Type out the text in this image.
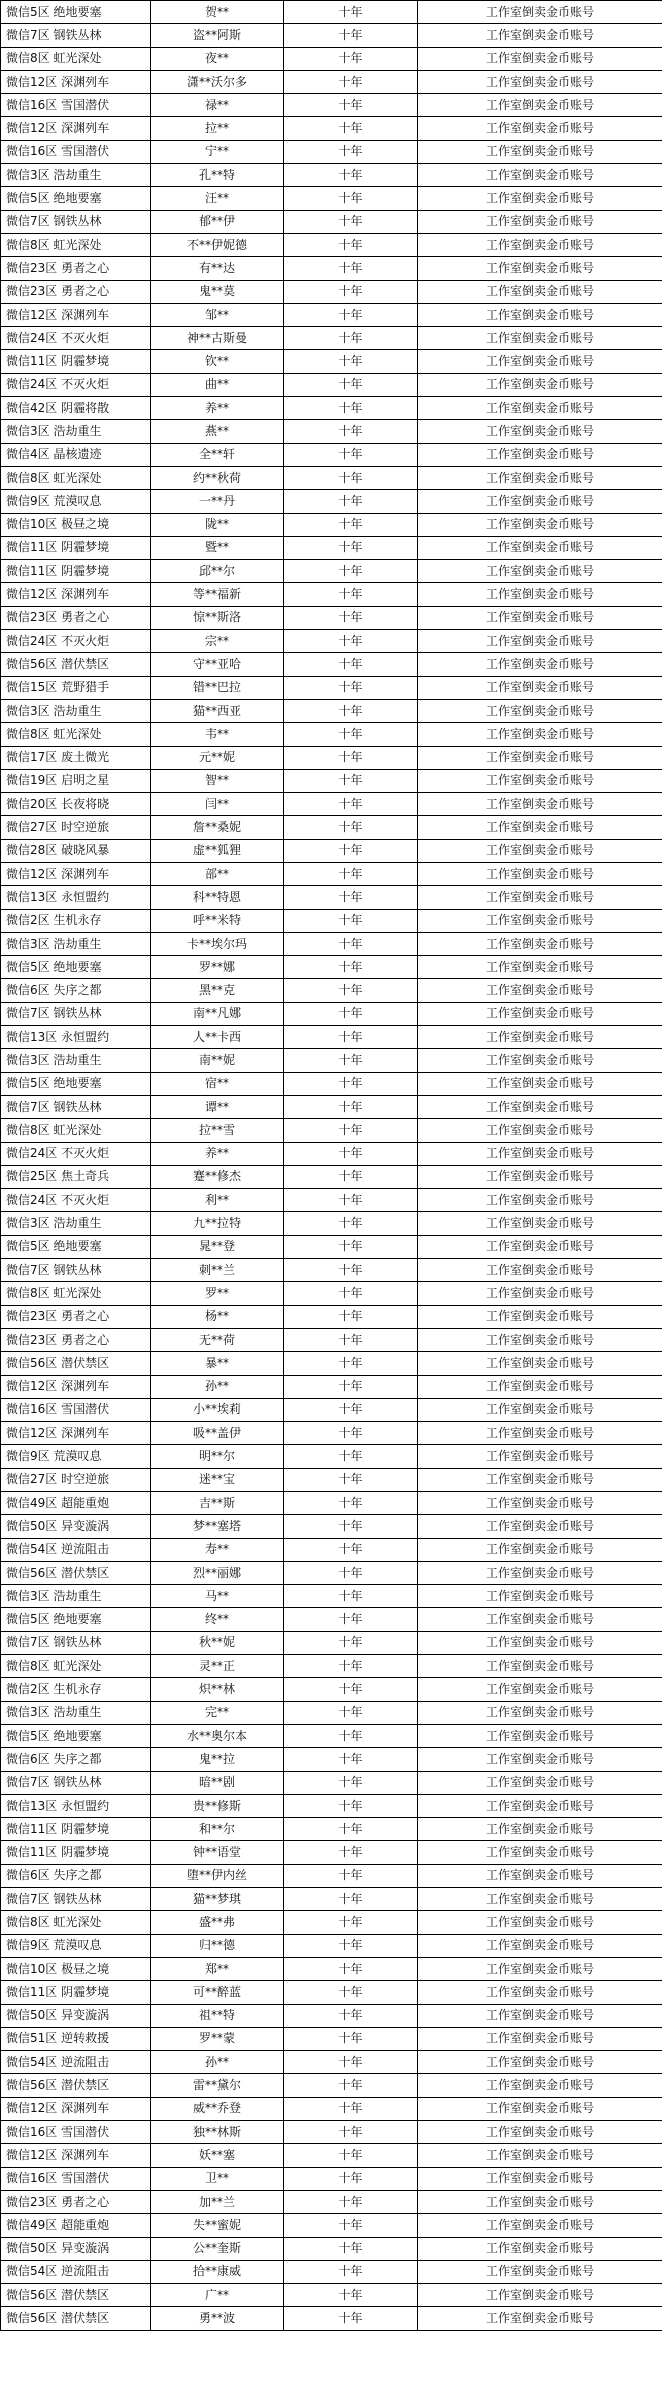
微信5区 绝地要塞	贺**	十年	工作室倒卖金币账号
微信7区 钢铁丛林	盗**阿斯	十年	工作室倒卖金币账号
微信8区 虹光深处	夜**	十年	工作室倒卖金币账号
微信12区 深渊列车	潇**沃尔多	十年	工作室倒卖金币账号
微信16区 雪国潜伏	禄**	十年	工作室倒卖金币账号
微信12区 深渊列车	拉**	十年	工作室倒卖金币账号
微信16区 雪国潜伏	宁**	十年	工作室倒卖金币账号
微信3区 浩劫重生	孔**特	十年	工作室倒卖金币账号
微信5区 绝地要塞	汪**	十年	工作室倒卖金币账号
微信7区 钢铁丛林	郁**伊	十年	工作室倒卖金币账号
微信8区 虹光深处	不**伊妮德	十年	工作室倒卖金币账号
微信23区 勇者之心	有**达	十年	工作室倒卖金币账号
微信23区 勇者之心	鬼**莫	十年	工作室倒卖金币账号
微信12区 深渊列车	邹**	十年	工作室倒卖金币账号
微信24区 不灭火炬	神**古斯曼	十年	工作室倒卖金币账号
微信11区 阴霾梦境	钦**	十年	工作室倒卖金币账号
微信24区 不灭火炬	曲**	十年	工作室倒卖金币账号
微信42区 阴霾将散	养**	十年	工作室倒卖金币账号
微信3区 浩劫重生	燕**	十年	工作室倒卖金币账号
微信4区 晶核遗迹	全**轩	十年	工作室倒卖金币账号
微信8区 虹光深处	约**秋荷	十年	工作室倒卖金币账号
微信9区 荒漠叹息	一**丹	十年	工作室倒卖金币账号
微信10区 极昼之境	陇**	十年	工作室倒卖金币账号
微信11区 阴霾梦境	暨**	十年	工作室倒卖金币账号
微信11区 阴霾梦境	邱**尔	十年	工作室倒卖金币账号
微信12区 深渊列车	等**福新	十年	工作室倒卖金币账号
微信23区 勇者之心	惊**斯洛	十年	工作室倒卖金币账号
微信24区 不灭火炬	宗**	十年	工作室倒卖金币账号
微信56区 潜伏禁区	守**亚哈	十年	工作室倒卖金币账号
微信15区 荒野猎手	错**巴拉	十年	工作室倒卖金币账号
微信3区 浩劫重生	猫**西亚	十年	工作室倒卖金币账号
微信8区 虹光深处	韦**	十年	工作室倒卖金币账号
微信17区 废土微光	元**妮	十年	工作室倒卖金币账号
微信19区 启明之星	智**	十年	工作室倒卖金币账号
微信20区 长夜将晓	闫**	十年	工作室倒卖金币账号
微信27区 时空逆旅	詹**桑妮	十年	工作室倒卖金币账号
微信28区 破晓风暴	虚**狐狸	十年	工作室倒卖金币账号
微信12区 深渊列车	部**	十年	工作室倒卖金币账号
微信13区 永恒盟约	科**特恩	十年	工作室倒卖金币账号
微信2区 生机永存	呼**米特	十年	工作室倒卖金币账号
微信3区 浩劫重生	卡**埃尔玛	十年	工作室倒卖金币账号
微信5区 绝地要塞	罗**娜	十年	工作室倒卖金币账号
微信6区 失序之都	黑**克	十年	工作室倒卖金币账号
微信7区 钢铁丛林	南**凡娜	十年	工作室倒卖金币账号
微信13区 永恒盟约	人**卡西	十年	工作室倒卖金币账号
微信3区 浩劫重生	南**妮	十年	工作室倒卖金币账号
微信5区 绝地要塞	宿**	十年	工作室倒卖金币账号
微信7区 钢铁丛林	谭**	十年	工作室倒卖金币账号
微信8区 虹光深处	拉**雪	十年	工作室倒卖金币账号
微信24区 不灭火炬	养**	十年	工作室倒卖金币账号
微信25区 焦土奇兵	蹇**修杰	十年	工作室倒卖金币账号
微信24区 不灭火炬	利**	十年	工作室倒卖金币账号
微信3区 浩劫重生	九**拉特	十年	工作室倒卖金币账号
微信5区 绝地要塞	晁**登	十年	工作室倒卖金币账号
微信7区 钢铁丛林	刺**兰	十年	工作室倒卖金币账号
微信8区 虹光深处	罗**	十年	工作室倒卖金币账号
微信23区 勇者之心	杨**	十年	工作室倒卖金币账号
微信23区 勇者之心	无**荷	十年	工作室倒卖金币账号
微信56区 潜伏禁区	暴**	十年	工作室倒卖金币账号
微信12区 深渊列车	孙**	十年	工作室倒卖金币账号
微信16区 雪国潜伏	小**埃莉	十年	工作室倒卖金币账号
微信12区 深渊列车	吸**盖伊	十年	工作室倒卖金币账号
微信9区 荒漠叹息	明**尔	十年	工作室倒卖金币账号
微信27区 时空逆旅	迷**宝	十年	工作室倒卖金币账号
微信49区 超能重炮	吉**斯	十年	工作室倒卖金币账号
微信50区 异变漩涡	梦**塞塔	十年	工作室倒卖金币账号
微信54区 逆流阻击	寿**	十年	工作室倒卖金币账号
微信56区 潜伏禁区	烈**丽娜	十年	工作室倒卖金币账号
微信3区 浩劫重生	马**	十年	工作室倒卖金币账号
微信5区 绝地要塞	终**	十年	工作室倒卖金币账号
微信7区 钢铁丛林	秋**妮	十年	工作室倒卖金币账号
微信8区 虹光深处	灵**正	十年	工作室倒卖金币账号
微信2区 生机永存	炽**林	十年	工作室倒卖金币账号
微信3区 浩劫重生	完**	十年	工作室倒卖金币账号
微信5区 绝地要塞	水**奥尔本	十年	工作室倒卖金币账号
微信6区 失序之都	鬼**拉	十年	工作室倒卖金币账号
微信7区 钢铁丛林	暗**剧	十年	工作室倒卖金币账号
微信13区 永恒盟约	贵**修斯	十年	工作室倒卖金币账号
微信11区 阴霾梦境	和**尔	十年	工作室倒卖金币账号
微信11区 阴霾梦境	钟**语堂	十年	工作室倒卖金币账号
微信6区 失序之都	堕**伊内丝	十年	工作室倒卖金币账号
微信7区 钢铁丛林	猫**梦琪	十年	工作室倒卖金币账号
微信8区 虹光深处	盛**弗	十年	工作室倒卖金币账号
微信9区 荒漠叹息	归**德	十年	工作室倒卖金币账号
微信10区 极昼之境	郑**	十年	工作室倒卖金币账号
微信11区 阴霾梦境	可**醉蓝	十年	工作室倒卖金币账号
微信50区 异变漩涡	祖**特	十年	工作室倒卖金币账号
微信51区 逆转救援	罗**蒙	十年	工作室倒卖金币账号
微信54区 逆流阻击	孙**	十年	工作室倒卖金币账号
微信56区 潜伏禁区	雷**黛尔	十年	工作室倒卖金币账号
微信12区 深渊列车	威**乔登	十年	工作室倒卖金币账号
微信16区 雪国潜伏	独**林斯	十年	工作室倒卖金币账号
微信12区 深渊列车	妖**塞	十年	工作室倒卖金币账号
微信16区 雪国潜伏	卫**	十年	工作室倒卖金币账号
微信23区 勇者之心	加**兰	十年	工作室倒卖金币账号
微信49区 超能重炮	失**蜜妮	十年	工作室倒卖金币账号
微信50区 异变漩涡	公**奎斯	十年	工作室倒卖金币账号
微信54区 逆流阻击	拾**康威	十年	工作室倒卖金币账号
微信56区 潜伏禁区	广**	十年	工作室倒卖金币账号
微信56区 潜伏禁区	勇**波	十年	工作室倒卖金币账号
